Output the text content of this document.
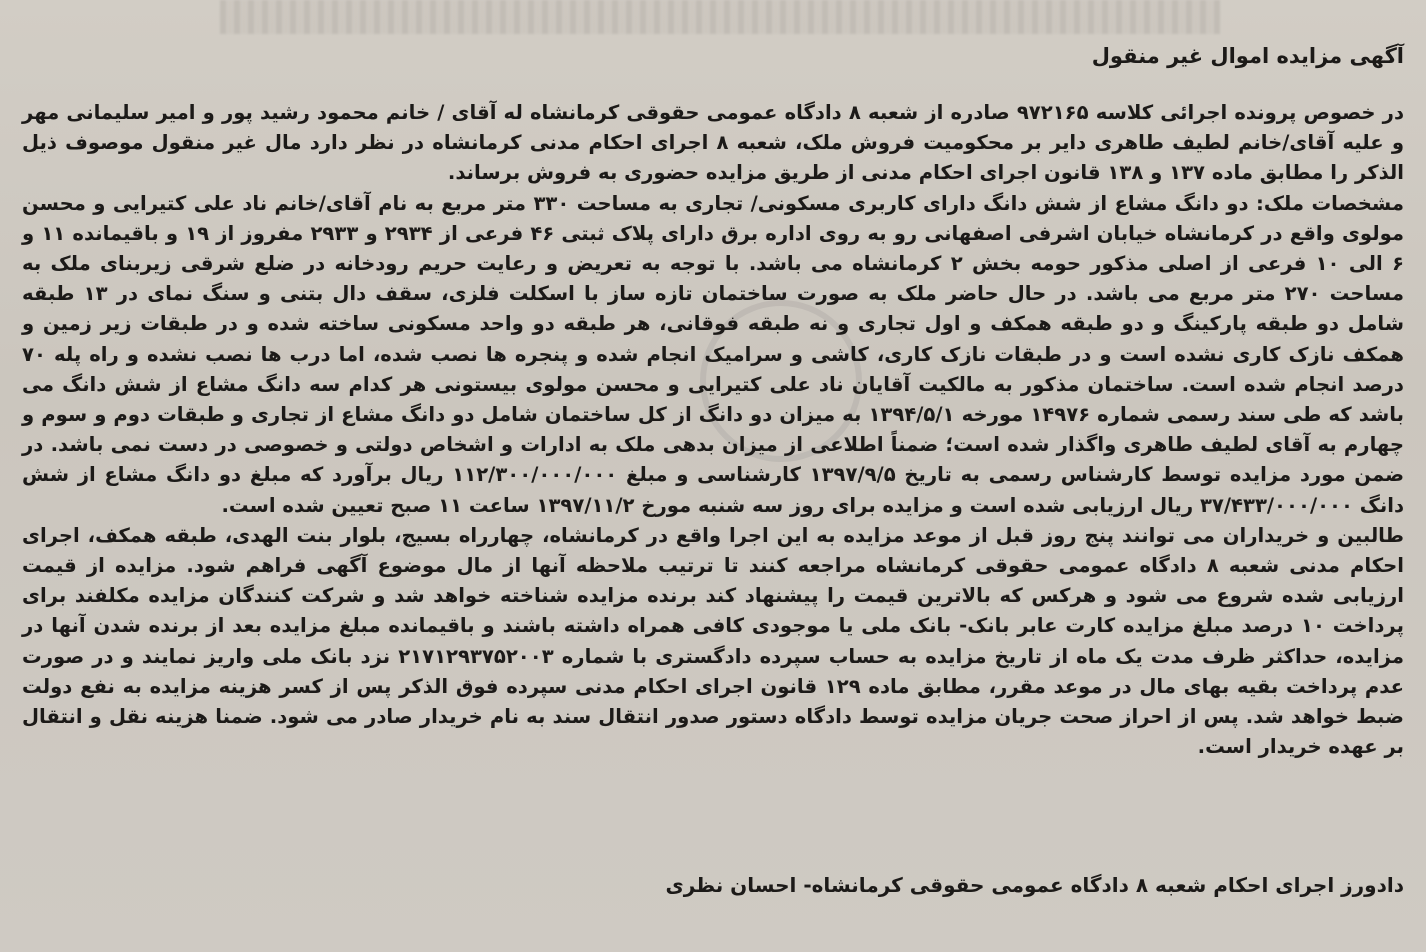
آگهی مزایده اموال غیر منقول

در خصوص پرونده اجرائی کلاسه ۹۷۲۱۶۵ صادره از شعبه ۸ دادگاه عمومی حقوقی کرمانشاه له آقای / خانم محمود رشید پور و امیر سلیمانی مهر و علیه آقای/خانم لطیف طاهری دایر بر محکومیت فروش ملک، شعبه ۸ اجرای احکام مدنی کرمانشاه در نظر دارد مال غیر منقول موصوف ذیل الذکر را مطابق ماده ۱۳۷ و ۱۳۸ قانون اجرای احکام مدنی از طریق مزایده حضوری به فروش برساند.

مشخصات ملک: دو دانگ مشاع از شش دانگ دارای کاربری مسکونی/ تجاری به مساحت ۳۳۰ متر مربع به نام آقای/خانم ناد علی کتیرایی و محسن مولوی واقع در کرمانشاه خیابان اشرفی اصفهانی رو به روی اداره برق دارای پلاک ثبتی ۴۶ فرعی از ۲۹۳۴ و ۲۹۳۳ مفروز از ۱۹ و باقیمانده ۱۱ و ۶ الی ۱۰ فرعی از اصلی مذکور حومه بخش ۲ کرمانشاه می باشد. با توجه به تعریض و رعایت حریم رودخانه در ضلع شرقی زیربنای ملک به مساحت ۲۷۰ متر مربع می باشد. در حال حاضر ملک به صورت ساختمان تازه ساز با اسکلت فلزی، سقف دال بتنی و سنگ نمای در ۱۳ طبقه شامل دو طبقه پارکینگ و دو طبقه همکف و اول تجاری و نه طبقه فوقانی، هر طبقه دو واحد مسکونی ساخته شده و در طبقات زیر زمین و همکف نازک کاری نشده است و در طبقات نازک کاری، کاشی و سرامیک انجام شده و پنجره ها نصب شده، اما درب ها نصب نشده و راه پله ۷۰ درصد انجام شده است. ساختمان مذکور به مالکیت آقایان ناد علی کتیرایی و محسن مولوی بیستونی هر کدام سه دانگ مشاع از شش دانگ می باشد که طی سند رسمی شماره ۱۴۹۷۶ مورخه ۱۳۹۴/۵/۱ به میزان دو دانگ از کل ساختمان شامل دو دانگ مشاع از تجاری و طبقات دوم و سوم و چهارم به آقای لطیف طاهری واگذار شده است؛ ضمناً اطلاعی از میزان بدهی ملک به ادارات و اشخاص دولتی و خصوصی در دست نمی باشد. در ضمن مورد مزایده توسط کارشناس رسمی به تاریخ ۱۳۹۷/۹/۵ کارشناسی و مبلغ ۱۱۲/۳۰۰/۰۰۰/۰۰۰ ریال برآورد که مبلغ دو دانگ مشاع از شش دانگ ۳۷/۴۳۳/۰۰۰/۰۰۰ ریال ارزیابی شده است و مزایده برای روز سه شنبه مورخ ۱۳۹۷/۱۱/۲ ساعت ۱۱ صبح تعیین شده است.

طالبین و خریداران می توانند پنج روز قبل از موعد مزایده به این اجرا واقع در کرمانشاه، چهارراه بسیج، بلوار بنت الهدی، طبقه همکف، اجرای احکام مدنی شعبه ۸ دادگاه عمومی حقوقی کرمانشاه مراجعه کنند تا ترتیب ملاحظه آنها از مال موضوع آگهی فراهم شود. مزایده از قیمت ارزیابی شده شروع می شود و هرکس که بالاترین قیمت را پیشنهاد کند برنده مزایده شناخته خواهد شد و شرکت کنندگان مزایده مکلفند برای پرداخت ۱۰ درصد مبلغ مزایده کارت عابر بانک- بانک ملی یا موجودی کافی همراه داشته باشند و باقیمانده مبلغ مزایده بعد از برنده شدن آنها در مزایده، حداکثر ظرف مدت یک ماه از تاریخ مزایده به حساب سپرده دادگستری با شماره ۲۱۷۱۲۹۳۷۵۲۰۰۳ نزد بانک ملی واریز نمایند و در صورت عدم پرداخت بقیه بهای مال در موعد مقرر، مطابق ماده ۱۲۹ قانون اجرای احکام مدنی سپرده فوق الذکر پس از کسر هزینه مزایده به نفع دولت ضبط خواهد شد. پس از احراز صحت جریان مزایده توسط دادگاه دستور صدور انتقال سند به نام خریدار صادر می شود. ضمنا هزینه نقل و انتقال بر عهده خریدار است.

دادورز اجرای احکام شعبه ۸ دادگاه عمومی حقوقی کرمانشاه- احسان نظری
